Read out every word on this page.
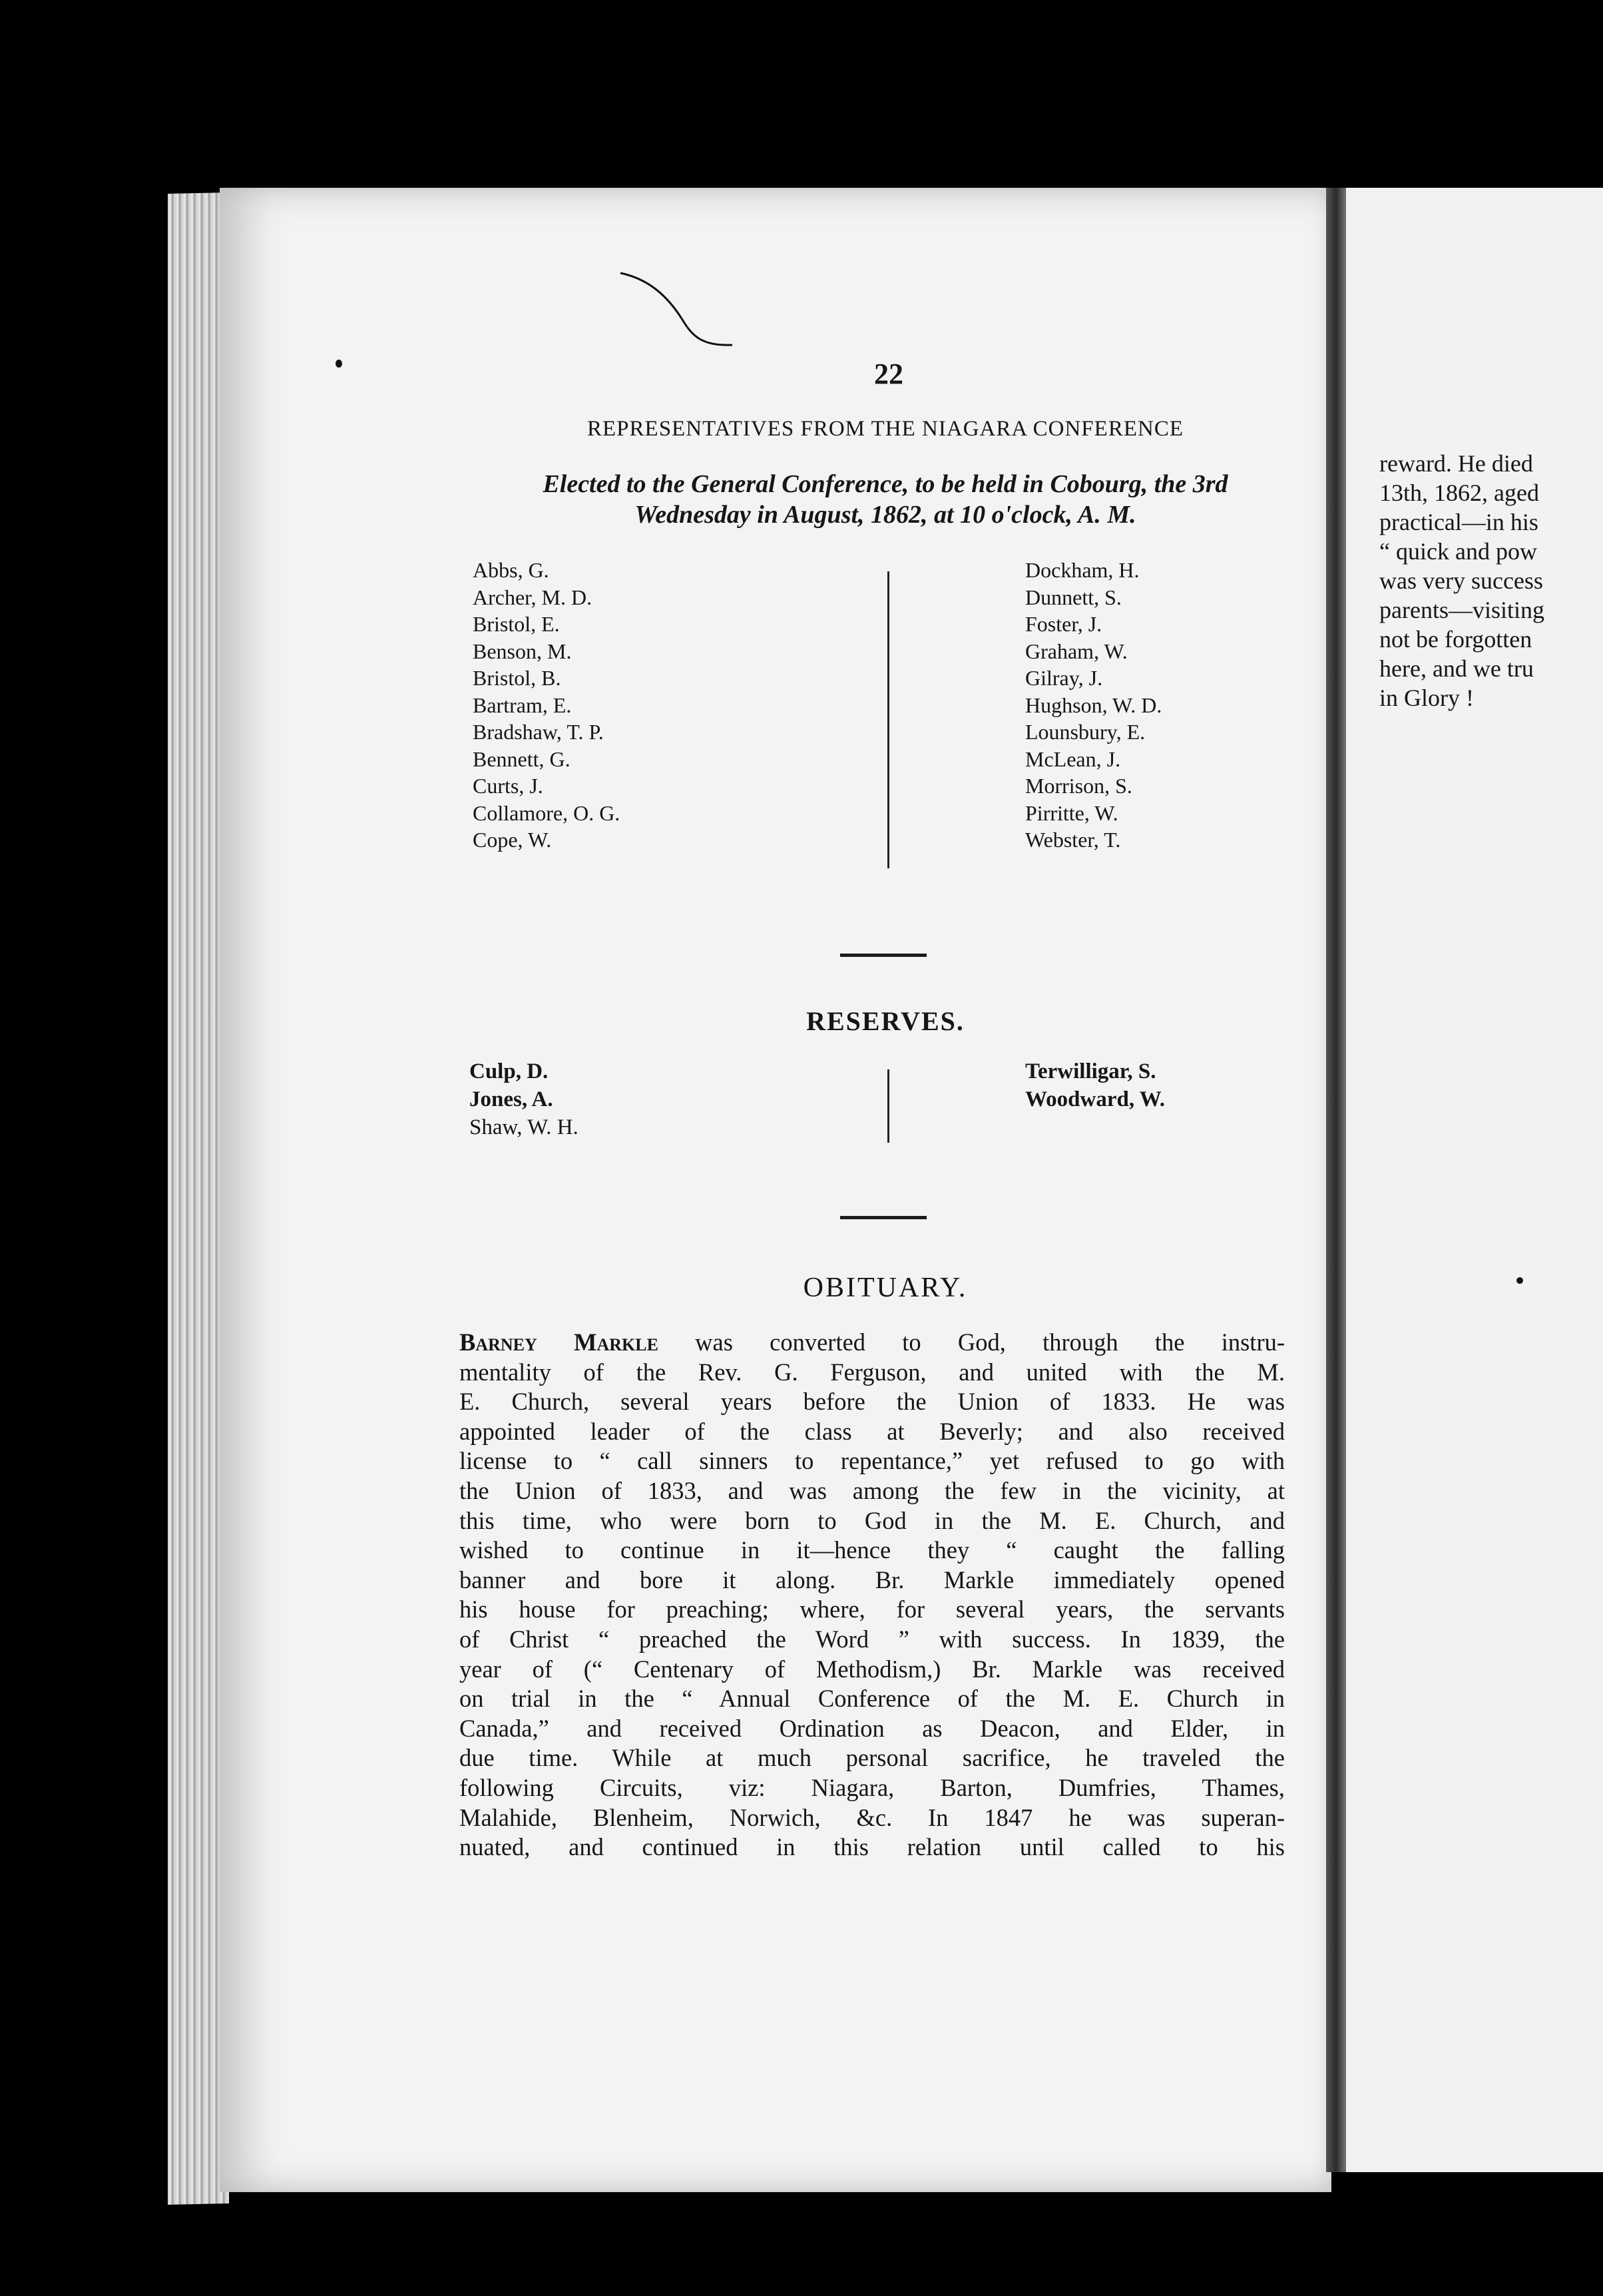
22
REPRESENTATIVES FROM THE NIAGARA CONFERENCE
Elected to the General Conference, to be held in Cobourg, the 3rd
Wednesday in August, 1862, at 10 o'clock, A. M.
Abbs, G.
Archer, M. D.
Bristol, E.
Benson, M.
Bristol, B.
Bartram, E.
Bradshaw, T. P.
Bennett, G.
Curts, J.
Collamore, O. G.
Cope, W.
Dockham, H.
Dunnett, S.
Foster, J.
Graham, W.
Gilray, J.
Hughson, W. D.
Lounsbury, E.
McLean, J.
Morrison, S.
Pirritte, W.
Webster, T.
RESERVES.
Culp, D.
Jones, A.
Shaw, W. H.
Terwilligar, S.
Woodward, W.
OBITUARY.
Barney Markle was converted to God, through the instru-
mentality of the Rev. G. Ferguson, and united with the M.
E. Church, several years before the Union of 1833. He was
appointed leader of the class at Beverly; and also received
license to “ call sinners to repentance,” yet refused to go with
the Union of 1833, and was among the few in the vicinity, at
this time, who were born to God in the M. E. Church, and
wished to continue in it—hence they “ caught the falling
banner and bore it along. Br. Markle immediately opened
his house for preaching; where, for several years, the servants
of Christ “ preached the Word ” with success. In 1839, the
year of (“ Centenary of Methodism,) Br. Markle was received
on trial in the “ Annual Conference of the M. E. Church in
Canada,” and received Ordination as Deacon, and Elder, in
due time. While at much personal sacrifice, he traveled the
following Circuits, viz: Niagara, Barton, Dumfries, Thames,
Malahide, Blenheim, Norwich, &c. In 1847 he was superan-
nuated, and continued in this relation until called to his
reward. He died
13th, 1862, aged
practical—in his
“ quick and pow
was very success
parents—visiting
not be forgotten
here, and we tru
in Glory !
